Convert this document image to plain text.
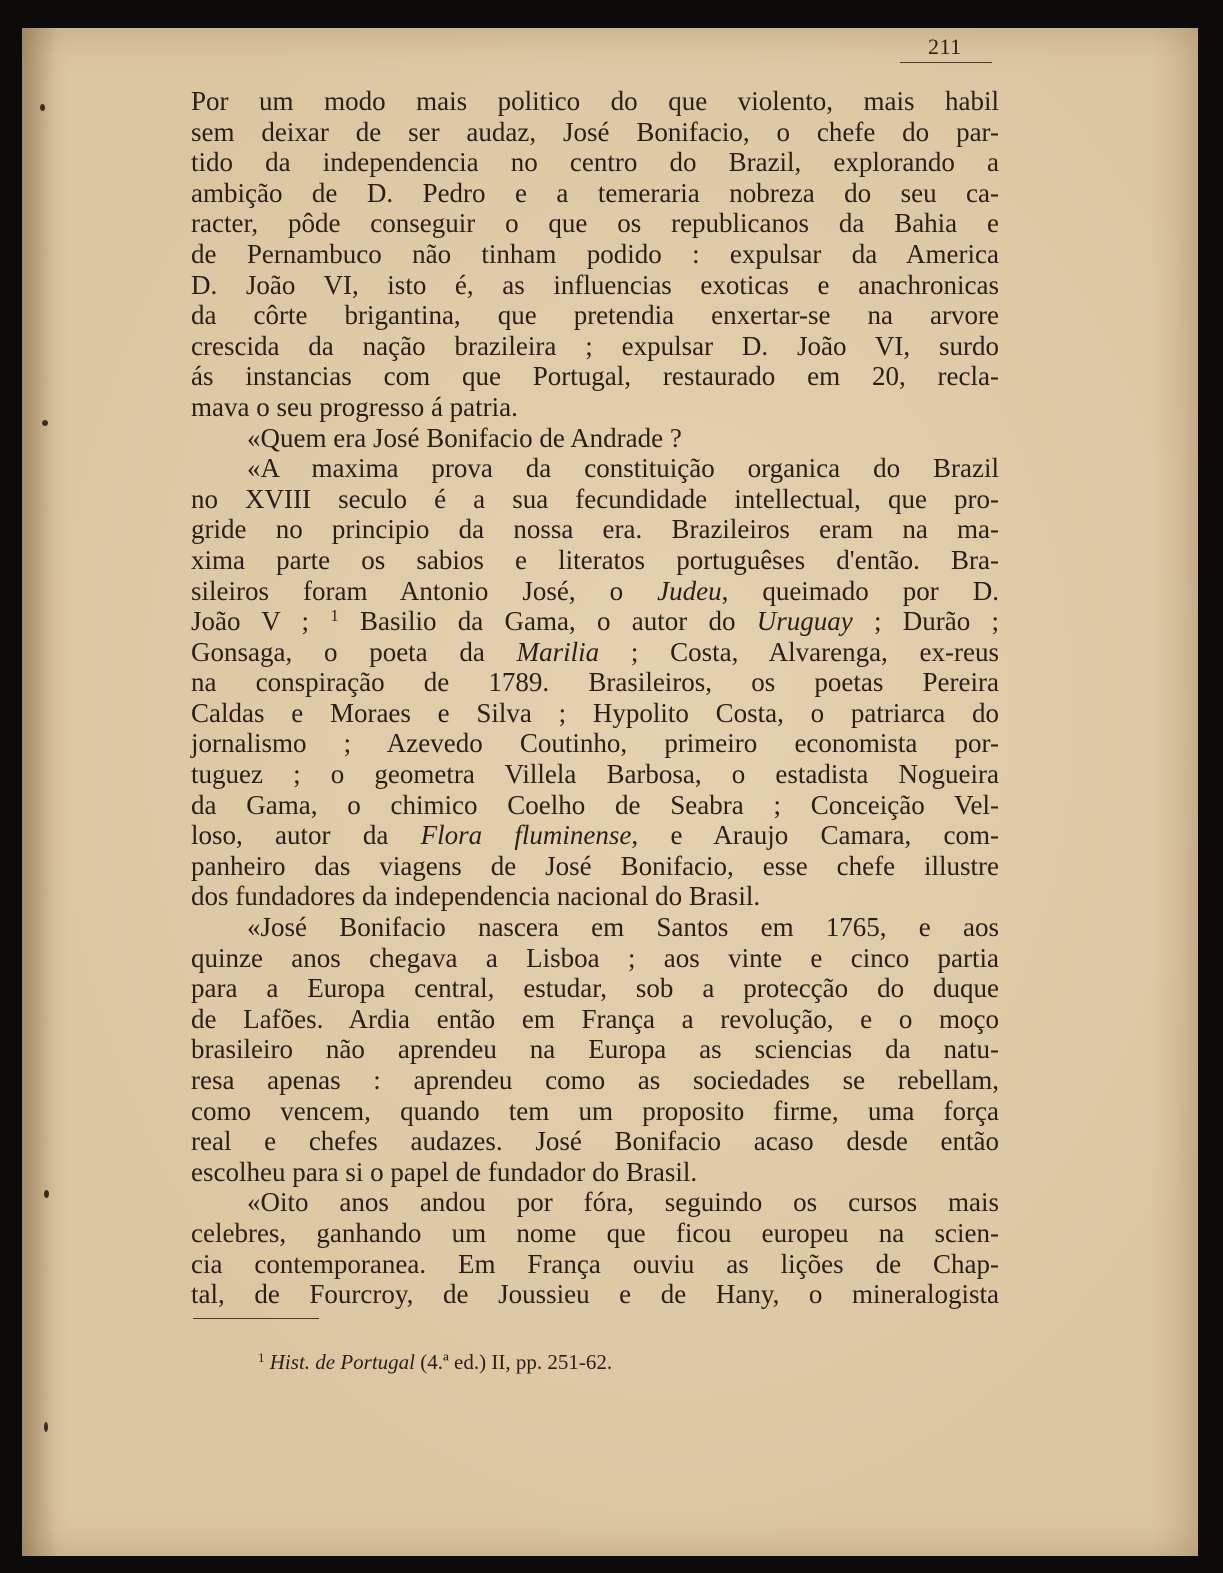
211
Por um modo mais politico do que violento, mais habil
sem deixar de ser audaz, José Bonifacio, o chefe do par-
tido da independencia no centro do Brazil, explorando a
ambição de D. Pedro e a temeraria nobreza do seu ca-
racter, pôde conseguir o que os republicanos da Bahia e
de Pernambuco não tinham podido : expulsar da America
D. João VI, isto é, as influencias exoticas e anachronicas
da côrte brigantina, que pretendia enxertar-se na arvore
crescida da nação brazileira ; expulsar D. João VI, surdo
ás instancias com que Portugal, restaurado em 20, recla-
mava o seu progresso á patria.
«Quem era José Bonifacio de Andrade ?
«A maxima prova da constituição organica do Brazil
no XVIII seculo é a sua fecundidade intellectual, que pro-
gride no principio da nossa era. Brazileiros eram na ma-
xima parte os sabios e literatos portuguêses d'então. Bra-
sileiros foram Antonio José, o Judeu, queimado por D.
João V ; $^1$ Basilio da Gama, o autor do Uruguay ; Durão ;
Gonsaga, o poeta da Marilia ; Costa, Alvarenga, ex-reus
na conspiração de 1789. Brasileiros, os poetas Pereira
Caldas e Moraes e Silva ; Hypolito Costa, o patriarca do
jornalismo ; Azevedo Coutinho, primeiro economista por-
tuguez ; o geometra Villela Barbosa, o estadista Nogueira
da Gama, o chimico Coelho de Seabra ; Conceição Vel-
loso, autor da Flora fluminense, e Araujo Camara, com-
panheiro das viagens de José Bonifacio, esse chefe illustre
dos fundadores da independencia nacional do Brasil.
«José Bonifacio nascera em Santos em 1765, e aos
quinze anos chegava a Lisboa ; aos vinte e cinco partia
para a Europa central, estudar, sob a protecção do duque
de Lafões. Ardia então em França a revolução, e o moço
brasileiro não aprendeu na Europa as sciencias da natu-
resa apenas : aprendeu como as sociedades se rebellam,
como vencem, quando tem um proposito firme, uma força
real e chefes audazes. José Bonifacio acaso desde então
escolheu para si o papel de fundador do Brasil.
«Oito anos andou por fóra, seguindo os cursos mais
celebres, ganhando um nome que ficou europeu na scien-
cia contemporanea. Em França ouviu as lições de Chap-
tal, de Fourcroy, de Joussieu e de Hany, o mineralogista
$^1$ Hist. de Portugal (4.ª ed.) II, pp. 251-62.
